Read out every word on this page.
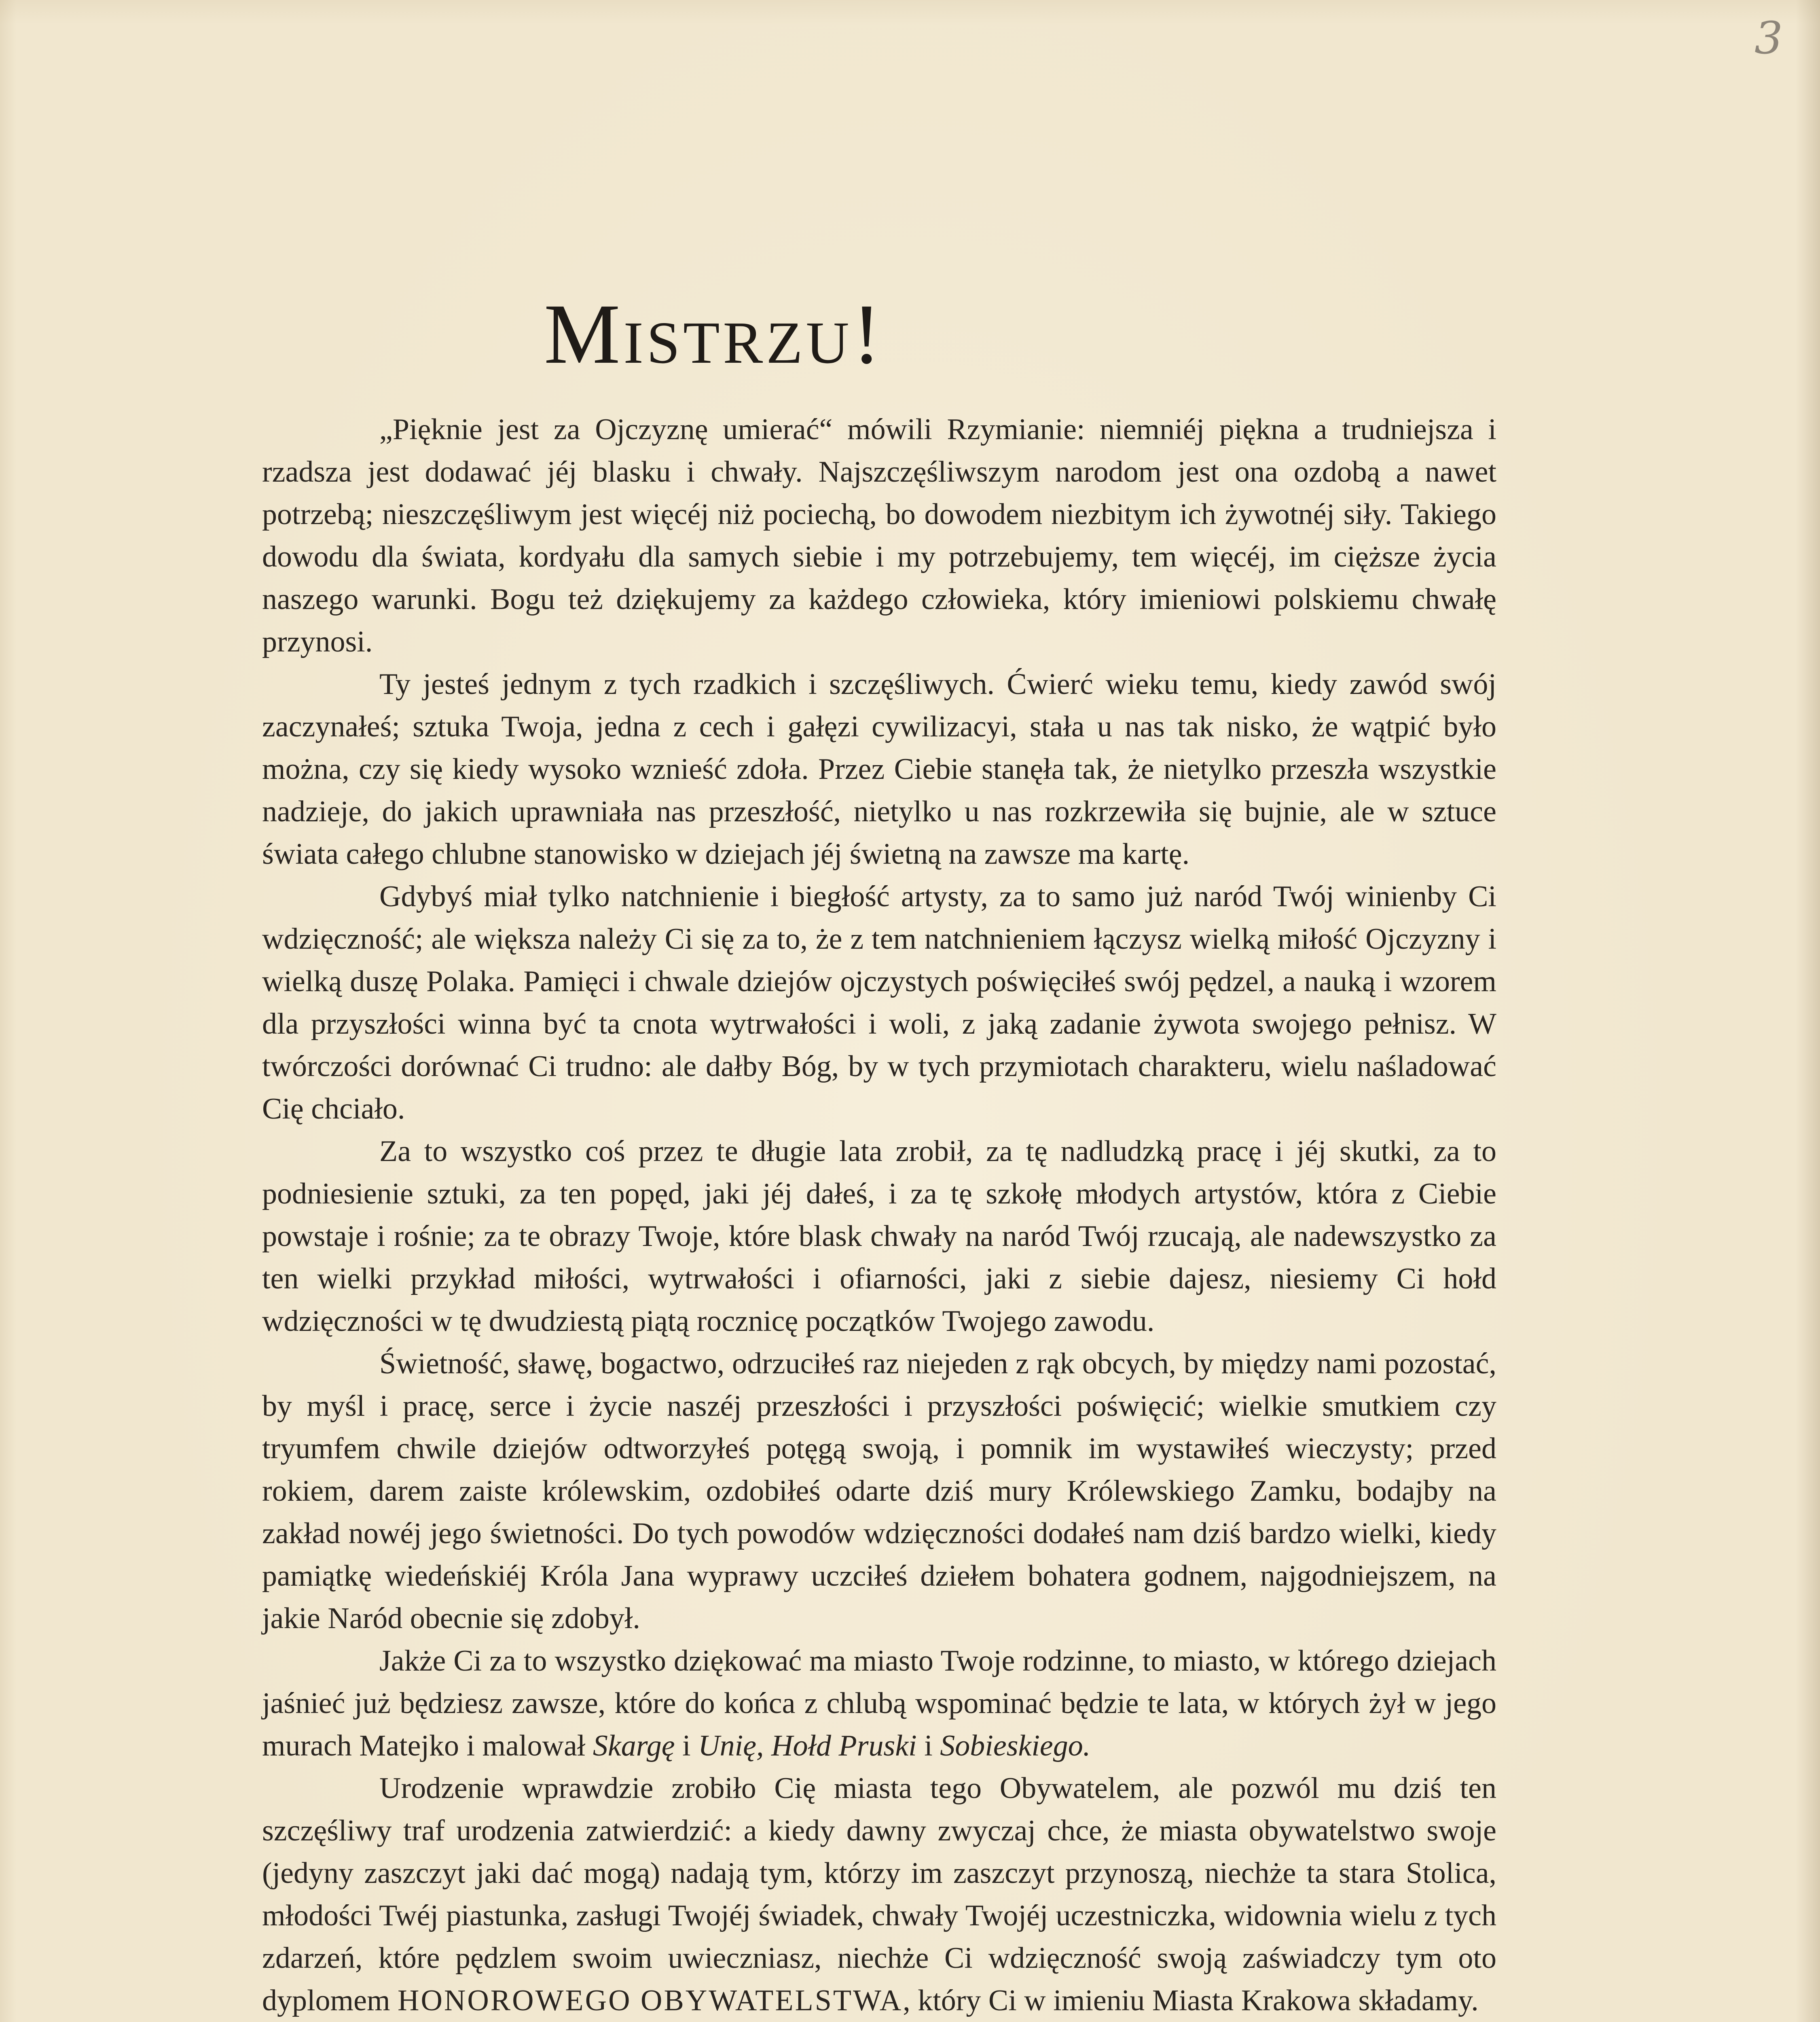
3
Mistrzu!

„Pięknie jest za Ojczyznę umierać“ mówili Rzymianie: niemniéj piękna a trudniejsza i rzadsza jest dodawać jéj blasku i chwały. Najszczęśliwszym narodom jest ona ozdobą a nawet potrzebą; nieszczęśliwym jest więcéj niż pociechą, bo dowodem niezbitym ich żywotnéj siły. Takiego dowodu dla świata, kordyału dla samych siebie i my potrzebujemy, tem więcéj, im cięższe życia naszego warunki. Bogu też dziękujemy za każdego człowieka, który imieniowi polskiemu chwałę przynosi.

Ty jesteś jednym z tych rzadkich i szczęśliwych. Ćwierć wieku temu, kiedy zawód swój zaczynałeś; sztuka Twoja, jedna z cech i gałęzi cywilizacyi, stała u nas tak nisko, że wątpić było można, czy się kiedy wysoko wznieść zdoła. Przez Ciebie stanęła tak, że nietylko przeszła wszystkie nadzieje, do jakich uprawniała nas przeszłość, nietylko u nas rozkrzewiła się bujnie, ale w sztuce świata całego chlubne stanowisko w dziejach jéj świetną na zawsze ma kartę.

Gdybyś miał tylko natchnienie i biegłość artysty, za to samo już naród Twój winienby Ci wdzięczność; ale większa należy Ci się za to, że z tem natchnieniem łączysz wielką miłość Ojczyzny i wielką duszę Polaka. Pamięci i chwale dziejów ojczystych poświęciłeś swój pędzel, a nauką i wzorem dla przyszłości winna być ta cnota wytrwałości i woli, z jaką zadanie żywota swojego pełnisz. W twórczości dorównać Ci trudno: ale dałby Bóg, by w tych przymiotach charakteru, wielu naśladować Cię chciało.

Za to wszystko coś przez te długie lata zrobił, za tę nadludzką pracę i jéj skutki, za to podniesienie sztuki, za ten popęd, jaki jéj dałeś, i za tę szkołę młodych artystów, która z Ciebie powstaje i rośnie; za te obrazy Twoje, które blask chwały na naród Twój rzucają, ale nadewszystko za ten wielki przykład miłości, wytrwałości i ofiarności, jaki z siebie dajesz, niesiemy Ci hołd wdzięczności w tę dwudziestą piątą rocznicę początków Twojego zawodu.

Świetność, sławę, bogactwo, odrzuciłeś raz niejeden z rąk obcych, by między nami pozostać, by myśl i pracę, serce i życie naszéj przeszłości i przyszłości poświęcić; wielkie smutkiem czy tryumfem chwile dziejów odtworzyłeś potęgą swoją, i pomnik im wystawiłeś wieczysty; przed rokiem, darem zaiste królewskim, ozdobiłeś odarte dziś mury Królewskiego Zamku, bodajby na zakład nowéj jego świetności. Do tych powodów wdzięczności dodałeś nam dziś bardzo wielki, kiedy pamiątkę wiedeńskiéj Króla Jana wyprawy uczciłeś dziełem bohatera godnem, najgodniejszem, na jakie Naród obecnie się zdobył.

Jakże Ci za to wszystko dziękować ma miasto Twoje rodzinne, to miasto, w którego dziejach jaśnieć już będziesz zawsze, które do końca z chlubą wspominać będzie te lata, w których żył w jego murach Matejko i malował Skargę i Unię, Hołd Pruski i Sobieskiego.

Urodzenie wprawdzie zrobiło Cię miasta tego Obywatelem, ale pozwól mu dziś ten szczęśliwy traf urodzenia zatwierdzić: a kiedy dawny zwyczaj chce, że miasta obywatelstwo swoje (jedyny zaszczyt jaki dać mogą) nadają tym, którzy im zaszczyt przynoszą, niechże ta stara Stolica, młodości Twéj piastunka, zasługi Twojéj świadek, chwały Twojéj uczestniczka, widownia wielu z tych zdarzeń, które pędzlem swoim uwieczniasz, niechże Ci wdzięczność swoją zaświadczy tym oto dyplomem HONOROWEGO OBYWATELSTWA, który Ci w imieniu Miasta Krakowa składamy.
